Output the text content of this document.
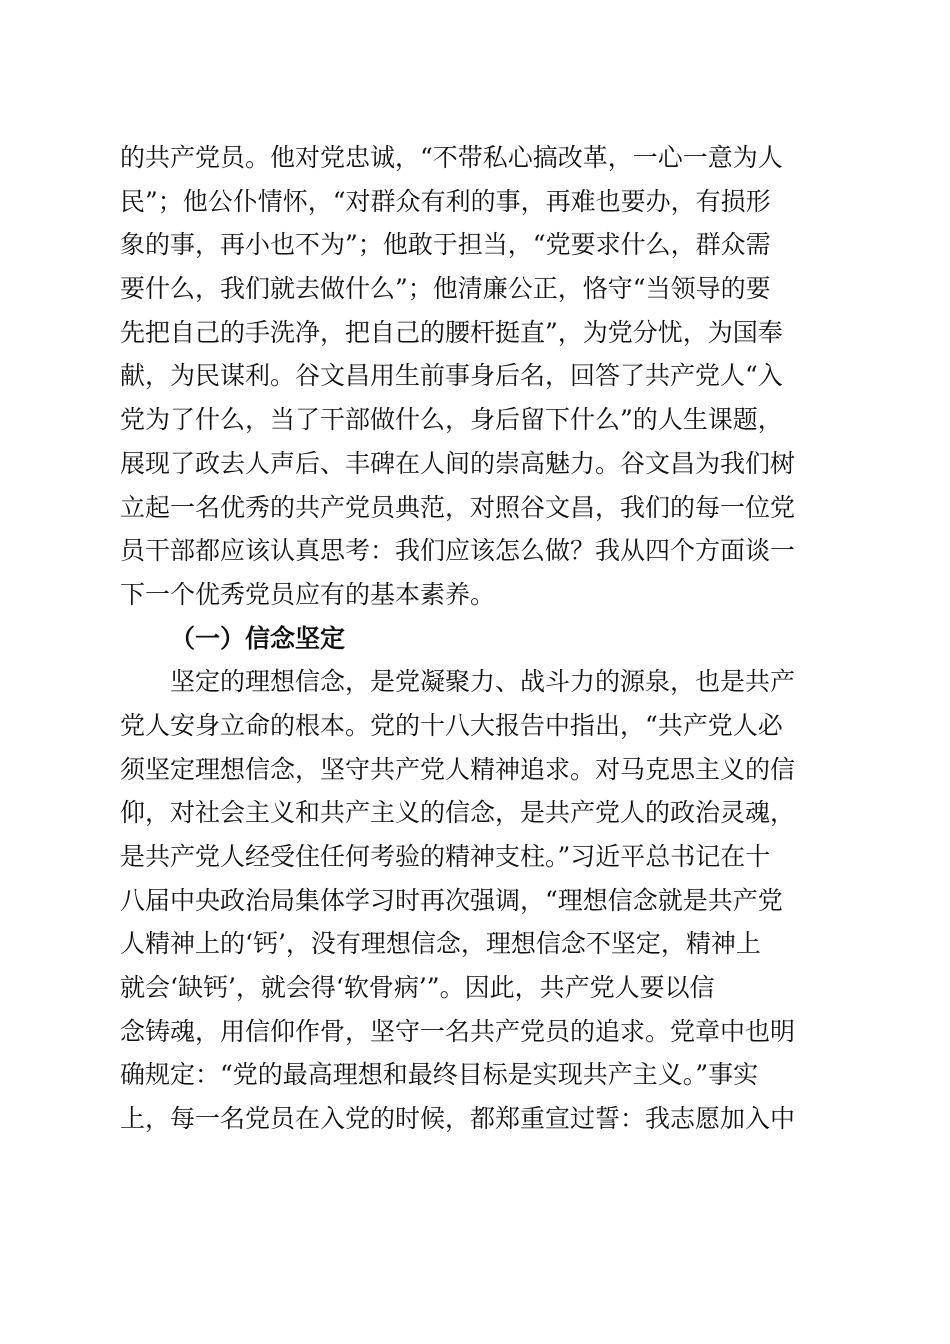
的共产党员。他对党忠诚，“不带私心搞改革，一心一意为人
民”；他公仆情怀，“对群众有利的事，再难也要办，有损形
象的事，再小也不为”；他敢于担当，“党要求什么，群众需
要什么，我们就去做什么”；他清廉公正，恪守“当领导的要
先把自己的手洗净，把自己的腰杆挺直”，为党分忧，为国奉
献，为民谋利。谷文昌用生前事身后名，回答了共产党人“入
党为了什么，当了干部做什么，身后留下什么”的人生课题，
展现了政去人声后、丰碑在人间的崇高魅力。谷文昌为我们树
立起一名优秀的共产党员典范，对照谷文昌，我们的每一位党
员干部都应该认真思考：我们应该怎么做？我从四个方面谈一
下一个优秀党员应有的基本素养。
（一）信念坚定
坚定的理想信念，是党凝聚力、战斗力的源泉，也是共产
党人安身立命的根本。党的十八大报告中指出，“共产党人必
须坚定理想信念，坚守共产党人精神追求。对马克思主义的信
仰，对社会主义和共产主义的信念，是共产党人的政治灵魂，
是共产党人经受住任何考验的精神支柱。”习近平总书记在十
八届中央政治局集体学习时再次强调，“理想信念就是共产党
人精神上的‘钙’，没有理想信念，理想信念不坚定，精神上
就会‘缺钙’，就会得‘软骨病’”。因此，共产党人要以信
念铸魂，用信仰作骨，坚守一名共产党员的追求。党章中也明
确规定：“党的最高理想和最终目标是实现共产主义。”事实
上，每一名党员在入党的时候，都郑重宣过誓：我志愿加入中
